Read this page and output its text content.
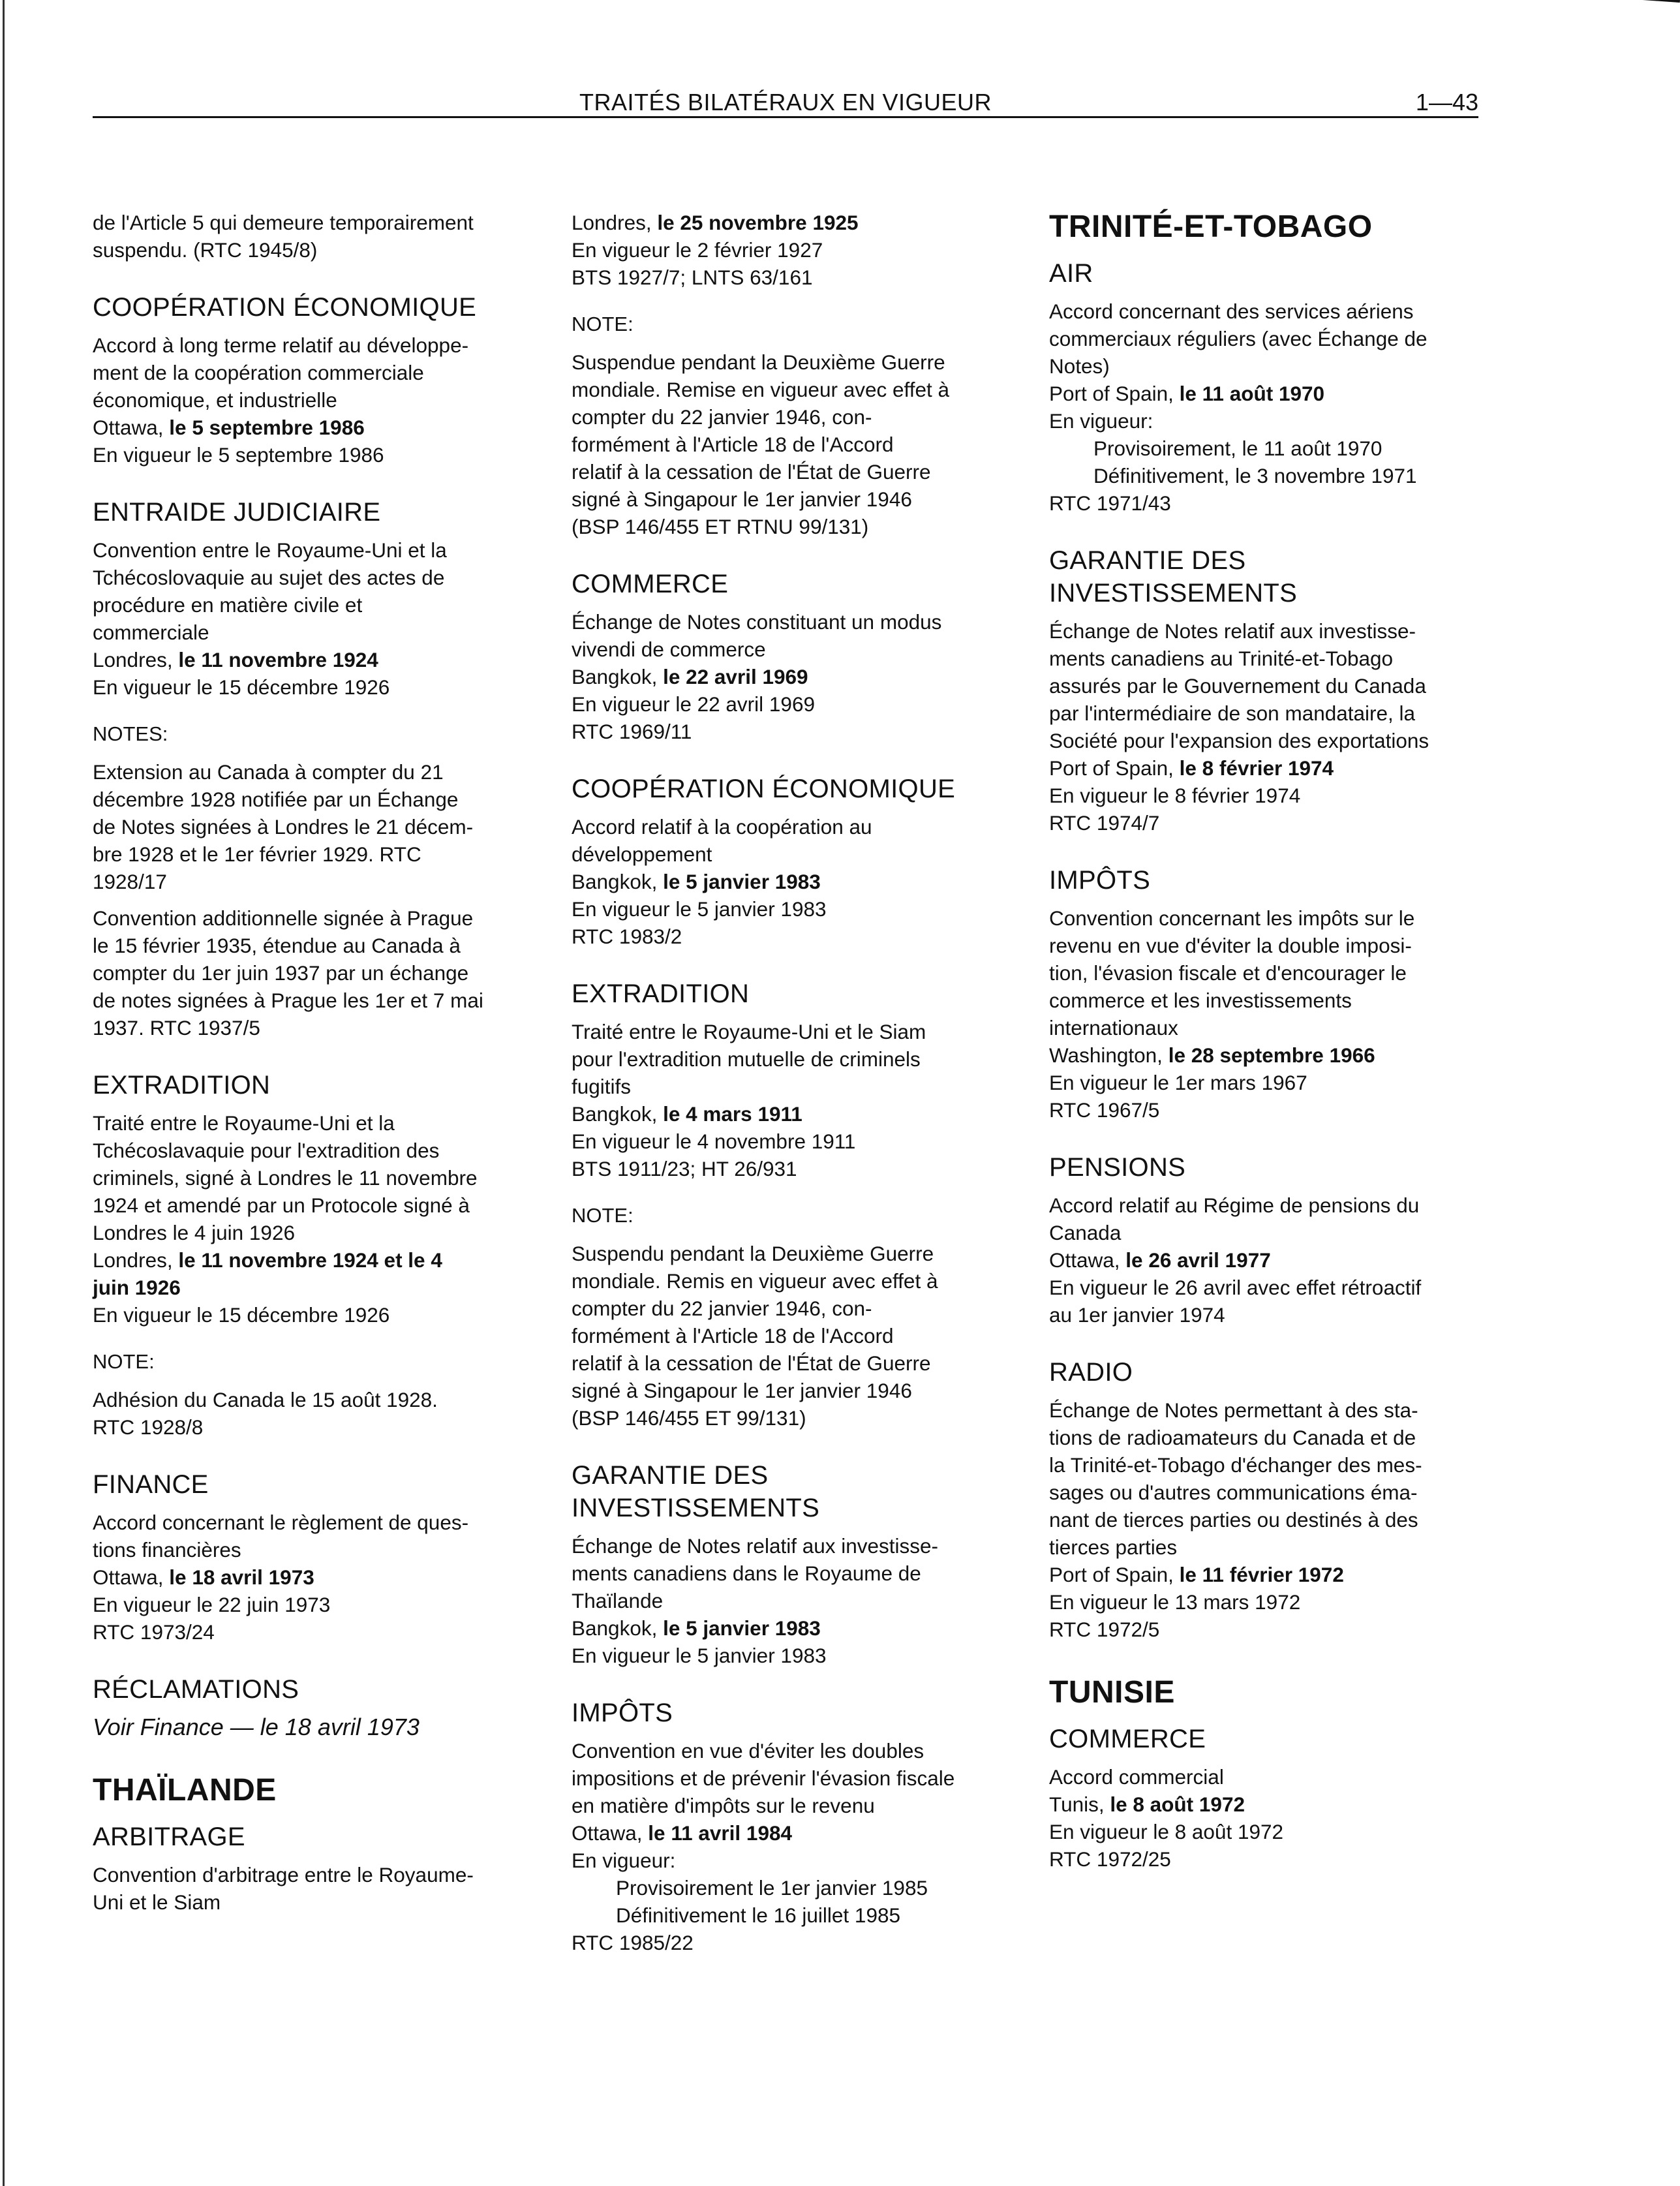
TRAITÉS BILATÉRAUX EN VIGUEUR	1—43
de l'Article 5 qui demeure temporairement
suspendu. (RTC 1945/8)
COOPÉRATION ÉCONOMIQUE
Accord à long terme relatif au développe-
ment de la coopération commerciale
économique, et industrielle
Ottawa, le 5 septembre 1986
En vigueur le 5 septembre 1986
ENTRAIDE JUDICIAIRE
Convention entre le Royaume-Uni et la
Tchécoslovaquie au sujet des actes de
procédure en matière civile et
commerciale
Londres, le 11 novembre 1924
En vigueur le 15 décembre 1926
NOTES:
Extension au Canada à compter du 21
décembre 1928 notifiée par un Échange
de Notes signées à Londres le 21 décem-
bre 1928 et le 1er février 1929. RTC
1928/17
Convention additionnelle signée à Prague
le 15 février 1935, étendue au Canada à
compter du 1er juin 1937 par un échange
de notes signées à Prague les 1er et 7 mai
1937. RTC 1937/5
EXTRADITION
Traité entre le Royaume-Uni et la
Tchécoslavaquie pour l'extradition des
criminels, signé à Londres le 11 novembre
1924 et amendé par un Protocole signé à
Londres le 4 juin 1926
Londres, le 11 novembre 1924 et le 4
juin 1926
En vigueur le 15 décembre 1926
NOTE:
Adhésion du Canada le 15 août 1928.
RTC 1928/8
FINANCE
Accord concernant le règlement de ques-
tions financières
Ottawa, le 18 avril 1973
En vigueur le 22 juin 1973
RTC 1973/24
RÉCLAMATIONS
Voir Finance — le 18 avril 1973
THAÏLANDE
ARBITRAGE
Convention d'arbitrage entre le Royaume-
Uni et le Siam
Londres, le 25 novembre 1925
En vigueur le 2 février 1927
BTS 1927/7; LNTS 63/161
NOTE:
Suspendue pendant la Deuxième Guerre
mondiale. Remise en vigueur avec effet à
compter du 22 janvier 1946, con-
formément à l'Article 18 de l'Accord
relatif à la cessation de l'État de Guerre
signé à Singapour le 1er janvier 1946
(BSP 146/455 ET RTNU 99/131)
COMMERCE
Échange de Notes constituant un modus
vivendi de commerce
Bangkok, le 22 avril 1969
En vigueur le 22 avril 1969
RTC 1969/11
COOPÉRATION ÉCONOMIQUE
Accord relatif à la coopération au
développement
Bangkok, le 5 janvier 1983
En vigueur le 5 janvier 1983
RTC 1983/2
EXTRADITION
Traité entre le Royaume-Uni et le Siam
pour l'extradition mutuelle de criminels
fugitifs
Bangkok, le 4 mars 1911
En vigueur le 4 novembre 1911
BTS 1911/23; HT 26/931
NOTE:
Suspendu pendant la Deuxième Guerre
mondiale. Remis en vigueur avec effet à
compter du 22 janvier 1946, con-
formément à l'Article 18 de l'Accord
relatif à la cessation de l'État de Guerre
signé à Singapour le 1er janvier 1946
(BSP 146/455 ET 99/131)
GARANTIE DES
INVESTISSEMENTS
Échange de Notes relatif aux investisse-
ments canadiens dans le Royaume de
Thaïlande
Bangkok, le 5 janvier 1983
En vigueur le 5 janvier 1983
IMPÔTS
Convention en vue d'éviter les doubles
impositions et de prévenir l'évasion fiscale
en matière d'impôts sur le revenu
Ottawa, le 11 avril 1984
En vigueur:
Provisoirement le 1er janvier 1985
Définitivement le 16 juillet 1985
RTC 1985/22
TRINITÉ-ET-TOBAGO
AIR
Accord concernant des services aériens
commerciaux réguliers (avec Échange de
Notes)
Port of Spain, le 11 août 1970
En vigueur:
Provisoirement, le 11 août 1970
Définitivement, le 3 novembre 1971
RTC 1971/43
GARANTIE DES
INVESTISSEMENTS
Échange de Notes relatif aux investisse-
ments canadiens au Trinité-et-Tobago
assurés par le Gouvernement du Canada
par l'intermédiaire de son mandataire, la
Société pour l'expansion des exportations
Port of Spain, le 8 février 1974
En vigueur le 8 février 1974
RTC 1974/7
IMPÔTS
Convention concernant les impôts sur le
revenu en vue d'éviter la double imposi-
tion, l'évasion fiscale et d'encourager le
commerce et les investissements
internationaux
Washington, le 28 septembre 1966
En vigueur le 1er mars 1967
RTC 1967/5
PENSIONS
Accord relatif au Régime de pensions du
Canada
Ottawa, le 26 avril 1977
En vigueur le 26 avril avec effet rétroactif
au 1er janvier 1974
RADIO
Échange de Notes permettant à des sta-
tions de radioamateurs du Canada et de
la Trinité-et-Tobago d'échanger des mes-
sages ou d'autres communications éma-
nant de tierces parties ou destinés à des
tierces parties
Port of Spain, le 11 février 1972
En vigueur le 13 mars 1972
RTC 1972/5
TUNISIE
COMMERCE
Accord commercial
Tunis, le 8 août 1972
En vigueur le 8 août 1972
RTC 1972/25
